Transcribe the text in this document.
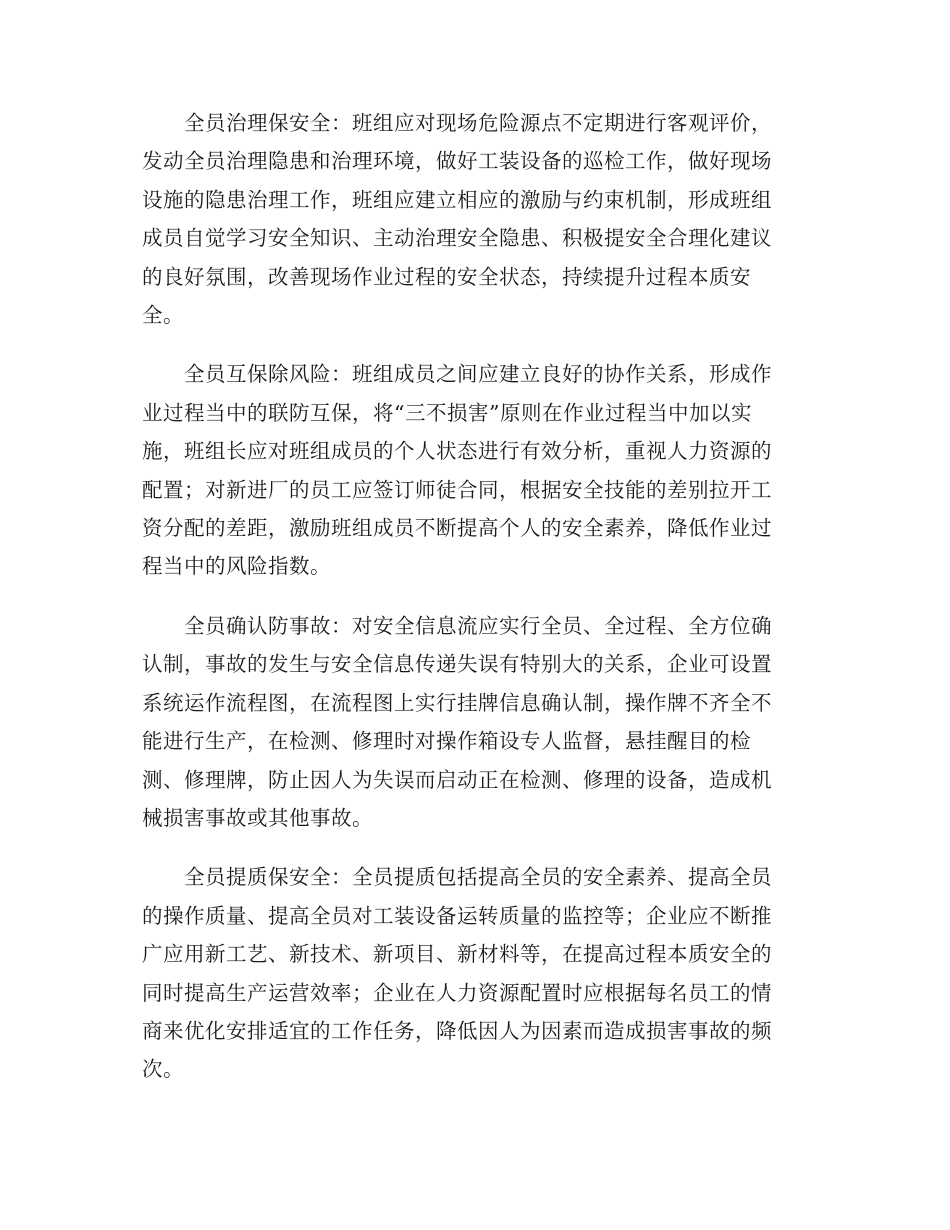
　　全员治理保安全：班组应对现场危险源点不定期进行客观评价，
发动全员治理隐患和治理环境，做好工装设备的巡检工作，做好现场
设施的隐患治理工作，班组应建立相应的激励与约束机制，形成班组
成员自觉学习安全知识、主动治理安全隐患、积极提安全合理化建议
的良好氛围，改善现场作业过程的安全状态，持续提升过程本质安
全。

　　全员互保除风险：班组成员之间应建立良好的协作关系，形成作
业过程当中的联防互保，将“三不损害”原则在作业过程当中加以实
施，班组长应对班组成员的个人状态进行有效分析，重视人力资源的
配置；对新进厂的员工应签订师徒合同，根据安全技能的差别拉开工
资分配的差距，激励班组成员不断提高个人的安全素养，降低作业过
程当中的风险指数。

　　全员确认防事故：对安全信息流应实行全员、全过程、全方位确
认制，事故的发生与安全信息传递失误有特别大的关系，企业可设置
系统运作流程图，在流程图上实行挂牌信息确认制，操作牌不齐全不
能进行生产，在检测、修理时对操作箱设专人监督，悬挂醒目的检
测、修理牌，防止因人为失误而启动正在检测、修理的设备，造成机
械损害事故或其他事故。

　　全员提质保安全：全员提质包括提高全员的安全素养、提高全员
的操作质量、提高全员对工装设备运转质量的监控等；企业应不断推
广应用新工艺、新技术、新项目、新材料等，在提高过程本质安全的
同时提高生产运营效率；企业在人力资源配置时应根据每名员工的情
商来优化安排适宜的工作任务，降低因人为因素而造成损害事故的频
次。
